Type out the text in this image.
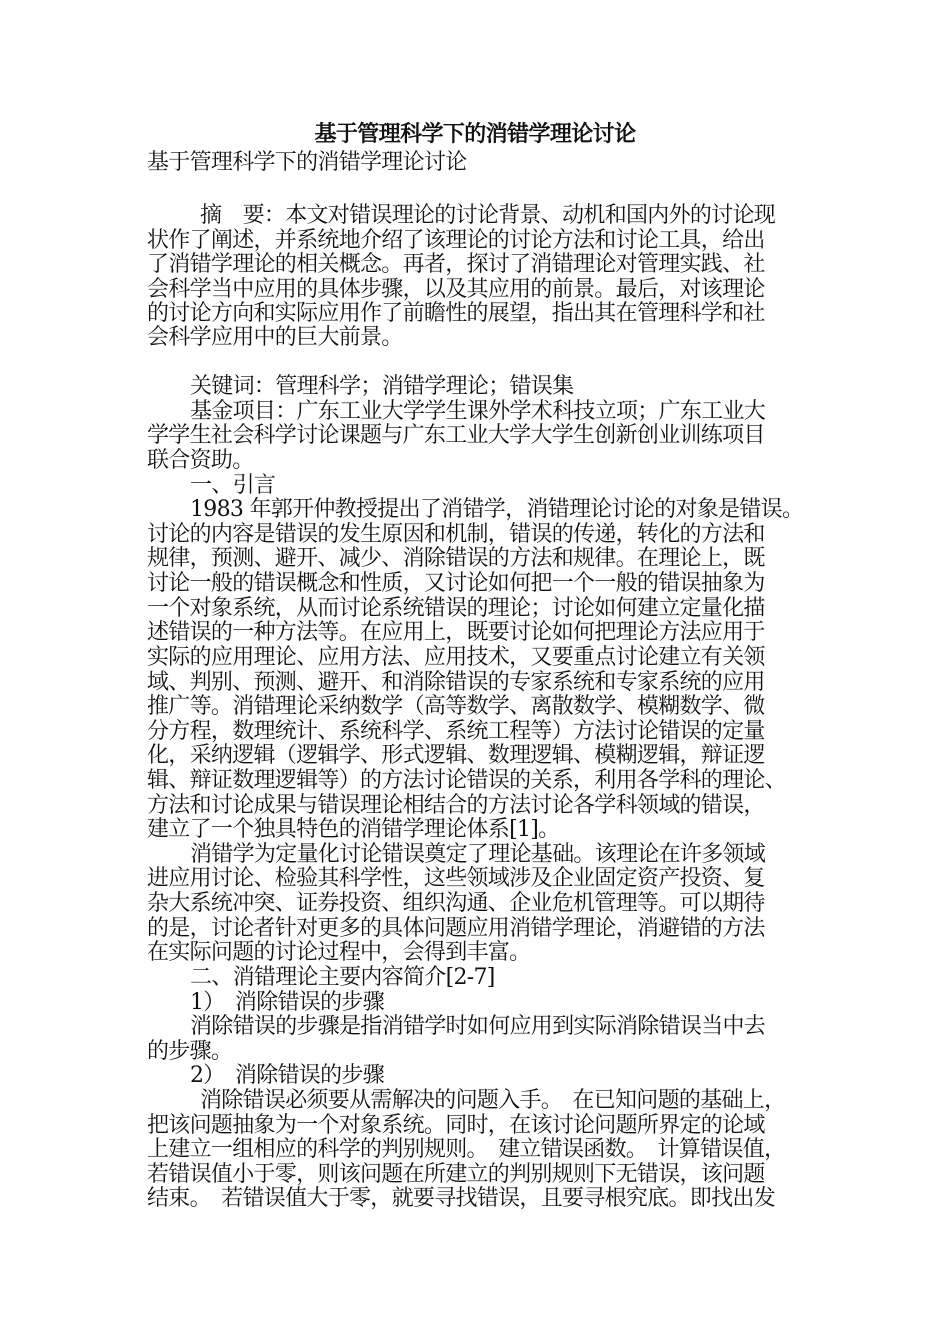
基于管理科学下的消错学理论讨论
基于管理科学下的消错学理论讨论
摘　要：本文对错误理论的讨论背景、动机和国内外的讨论现
状作了阐述，并系统地介绍了该理论的讨论方法和讨论工具，给出
了消错学理论的相关概念。再者，探讨了消错理论对管理实践、社
会科学当中应用的具体步骤，以及其应用的前景。最后，对该理论
的讨论方向和实际应用作了前瞻性的展望，指出其在管理科学和社
会科学应用中的巨大前景。
关键词：管理科学；消错学理论；错误集
基金项目：广东工业大学学生课外学术科技立项；广东工业大
学学生社会科学讨论课题与广东工业大学大学生创新创业训练项目
联合资助。
一、引言
1983 年郭开仲教授提出了消错学，消错理论讨论的对象是错误。
讨论的内容是错误的发生原因和机制，错误的传递，转化的方法和
规律，预测、避开、减少、消除错误的方法和规律。在理论上，既
讨论一般的错误概念和性质，又讨论如何把一个一般的错误抽象为
一个对象系统，从而讨论系统错误的理论；讨论如何建立定量化描
述错误的一种方法等。在应用上，既要讨论如何把理论方法应用于
实际的应用理论、应用方法、应用技术，又要重点讨论建立有关领
域、判别、预测、避开、和消除错误的专家系统和专家系统的应用
推广等。消错理论采纳数学（高等数学、离散数学、模糊数学、微
分方程，数理统计、系统科学、系统工程等）方法讨论错误的定量
化，采纳逻辑（逻辑学、形式逻辑、数理逻辑、模糊逻辑，辩证逻
辑、辩证数理逻辑等）的方法讨论错误的关系，利用各学科的理论、
方法和讨论成果与错误理论相结合的方法讨论各学科领域的错误，
建立了一个独具特色的消错学理论体系[1]。
消错学为定量化讨论错误奠定了理论基础。该理论在许多领域
进应用讨论、检验其科学性，这些领域涉及企业固定资产投资、复
杂大系统冲突、证券投资、组织沟通、企业危机管理等。可以期待
的是，讨论者针对更多的具体问题应用消错学理论，消避错的方法
在实际问题的讨论过程中，会得到丰富。
二、消错理论主要内容简介[2-7]
1）　消除错误的步骤
消除错误的步骤是指消错学时如何应用到实际消除错误当中去
的步骤。
2）　消除错误的步骤
消除错误必须要从需解决的问题入手。　在已知问题的基础上，
把该问题抽象为一个对象系统。同时，在该讨论问题所界定的论域
上建立一组相应的科学的判别规则。　建立错误函数。　计算错误值，
若错误值小于零，则该问题在所建立的判别规则下无错误，该问题
结束。　若错误值大于零，就要寻找错误，且要寻根究底。即找出发
